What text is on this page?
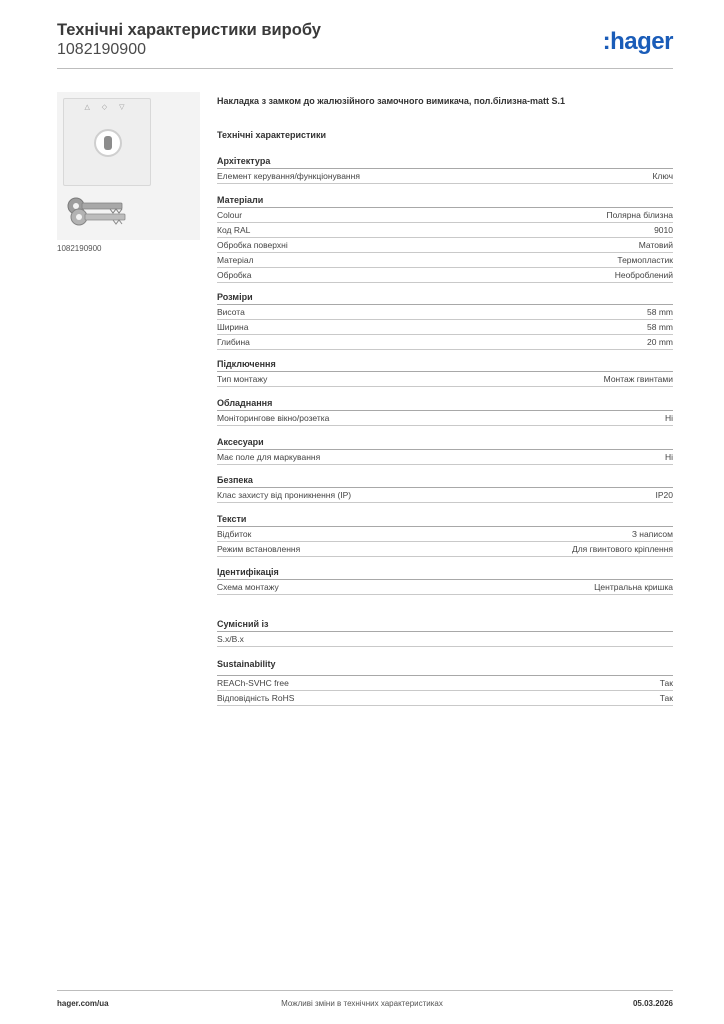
Технічні характеристики виробу
1082190900	:hager
△ ◇ ▽
1082190900
Накладка з замком до жалюзійного замочного вимикача, пол.білизна-matt S.1
Технічні характеристики
Архітектура
Елемент керування/функціонування	Ключ
Матеріали
Colour	Полярна білизна
Код RAL	9010
Обробка поверхні	Матовий
Матеріал	Термопластик
Обробка	Необроблений
Розміри
Висота	58 mm
Ширина	58 mm
Глибина	20 mm
Підключення
Тип монтажу	Монтаж гвинтами
Обладнання
Моніторингове вікно/розетка	Ні
Аксесуари
Має поле для маркування	Ні
Безпека
Клас захисту від проникнення (IP)	IP20
Тексти
Відбиток	З написом
Режим встановлення	Для гвинтового кріплення
Ідентифікація
Схема монтажу	Центральна кришка
Сумісний із
S.x/B.x
Sustainability
REACh-SVHC free	Так
Відповідність RoHS	Так
hager.com/ua	Можливі зміни в технічних характеристиках	05.03.2026
